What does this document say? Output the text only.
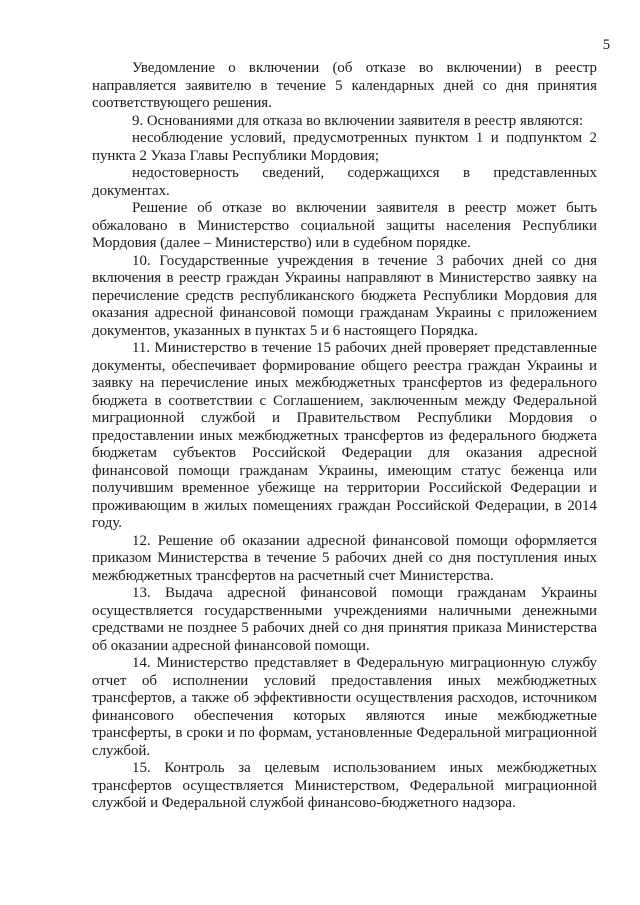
5

Уведомление о включении (об отказе во включении) в реестр направляется заявителю в течение 5 календарных дней со дня принятия соответствующего решения.

9. Основаниями для отказа во включении заявителя в реестр являются:

несоблюдение условий, предусмотренных пунктом 1 и подпунктом 2 пункта 2 Указа Главы Республики Мордовия;

недостоверность сведений, содержащихся в представленных документах.

Решение об отказе во включении заявителя в реестр может быть обжаловано в Министерство социальной защиты населения Республики Мордовия (далее – Министерство) или в судебном порядке.

10. Государственные учреждения в течение 3 рабочих дней со дня включения в реестр граждан Украины направляют в Министерство заявку на перечисление средств республиканского бюджета Республики Мордовия для оказания адресной финансовой помощи гражданам Украины с приложением документов, указанных в пунктах 5 и 6 настоящего Порядка.

11. Министерство в течение 15 рабочих дней проверяет представленные документы, обеспечивает формирование общего реестра граждан Украины и заявку на перечисление иных межбюджетных трансфертов из федерального бюджета в соответствии с Соглашением, заключенным между Федеральной миграционной службой и Правительством Республики Мордовия о предоставлении иных межбюджетных трансфертов из федерального бюджета бюджетам субъектов Российской Федерации для оказания адресной финансовой помощи гражданам Украины, имеющим статус беженца или получившим временное убежище на территории Российской Федерации и проживающим в жилых помещениях граждан Российской Федерации, в 2014 году.

12. Решение об оказании адресной финансовой помощи оформляется приказом Министерства в течение 5 рабочих дней со дня поступления иных межбюджетных трансфертов на расчетный счет Министерства.

13. Выдача адресной финансовой помощи гражданам Украины осуществляется государственными учреждениями наличными денежными средствами не позднее 5 рабочих дней со дня принятия приказа Министерства об оказании адресной финансовой помощи.

14. Министерство представляет в Федеральную миграционную службу отчет об исполнении условий предоставления иных межбюджетных трансфертов, а также об эффективности осуществления расходов, источником финансового обеспечения которых являются иные межбюджетные трансферты, в сроки и по формам, установленные Федеральной миграционной службой.

15. Контроль за целевым использованием иных межбюджетных трансфертов осуществляется Министерством, Федеральной миграционной службой и Федеральной службой финансово-бюджетного надзора.
